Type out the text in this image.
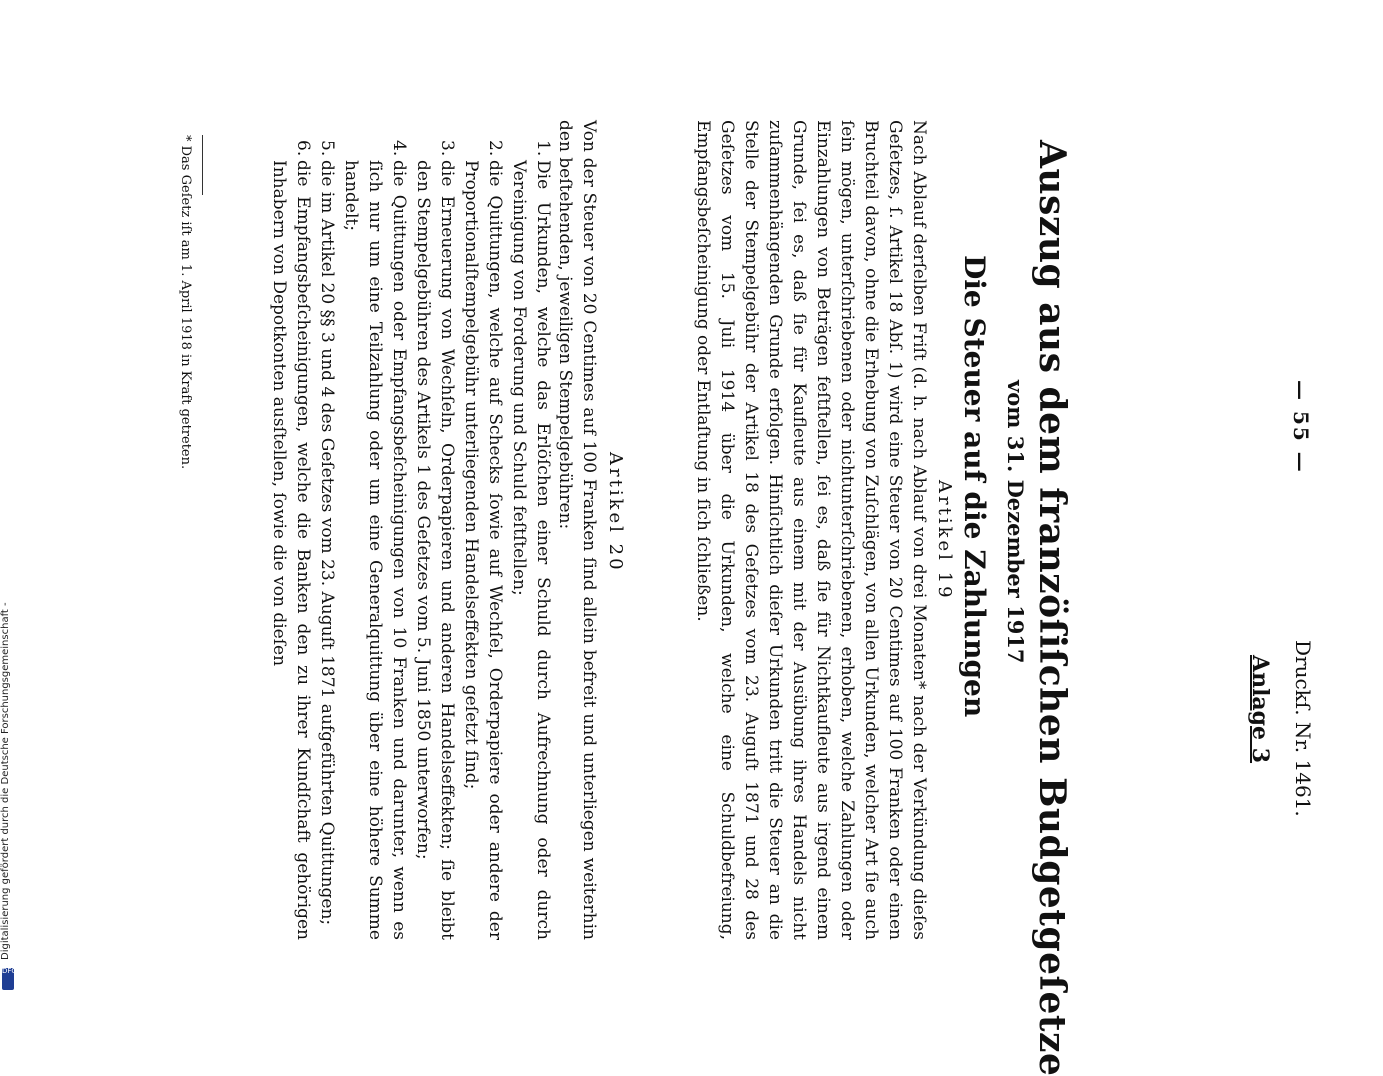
— 55 —
Druckſ. Nr. 1461.
Anlage 3
Auszug aus dem franzöſiſchen Budgetgeſetze
vom 31. Dezember 1917
Die Steuer auf die Zahlungen
Artikel 19
Nach Ablauf derſelben Friſt (d. h. nach Ablauf von drei Monaten* nach der Verkündung dieſes Geſetzes, ſ. Artikel 18 Abſ. 1) wird eine Steuer von 20 Centimes auf 100 Franken oder einen Bruchteil davon, ohne die Erhebung von Zuſchlägen, von allen Urkunden, welcher Art ſie auch ſein mögen, unterſchriebenen oder nichtunterſchriebenen, erhoben, welche Zahlungen oder Einzahlungen von Beträgen feſtſtellen, ſei es, daß ſie für Nichtkaufleute aus irgend einem Grunde, ſei es, daß ſie für Kaufleute aus einem mit der Ausübung ihres Handels nicht zuſammenhängenden Grunde erfolgen. Hinſichtlich dieſer Urkunden tritt die Steuer an die Stelle der Stempelgebühr der Artikel 18 des Geſetzes vom 23. Auguſt 1871 und 28 des Geſetzes vom 15. Juli 1914 über die Urkunden, welche eine Schuldbefreiung, Empfangsbeſcheinigung oder Entlaſtung in ſich ſchließen.
Artikel 20
Von der Steuer von 20 Centimes auf 100 Franken ſind allein befreit und unterliegen weiterhin den beſtehenden, jeweiligen Stempelgebühren:
1.
Die Urkunden, welche das Erlöſchen einer Schuld durch Aufrechnung oder durch Vereinigung von Forderung und Schuld feſtſtellen;
2.
die Quittungen, welche auf Schecks ſowie auf Wechſel, Orderpapiere oder andere der Proportionalſtempelgebühr unterliegenden Handelseffekten geſetzt ſind;
3.
die Erneuerung von Wechſeln, Orderpapieren und anderen Handelseffekten; ſie bleibt den Stempelgebühren des Artikels 1 des Geſetzes vom 5. Juni 1850 unterworfen;
4.
die Quittungen oder Empfangsbeſcheinigungen von 10 Franken und darunter, wenn es ſich nur um eine Teilzahlung oder um eine Generalquittung über eine höhere Summe handelt;
5.
die im Artikel 20 §§ 3 und 4 des Geſetzes vom 23. Auguſt 1871 aufgeführten Quittungen;
6.
die Empfangsbeſcheinigungen, welche die Banken den zu ihrer Kundſchaft gehörigen Inhabern von Depotkonten ausſtellen, ſowie die von dieſen
* Das Geſetz iſt am 1. April 1918 in Kraft getreten.
Digitalisierung gefördert durch die Deutsche Forschungsgemeinschaft -
DFG
